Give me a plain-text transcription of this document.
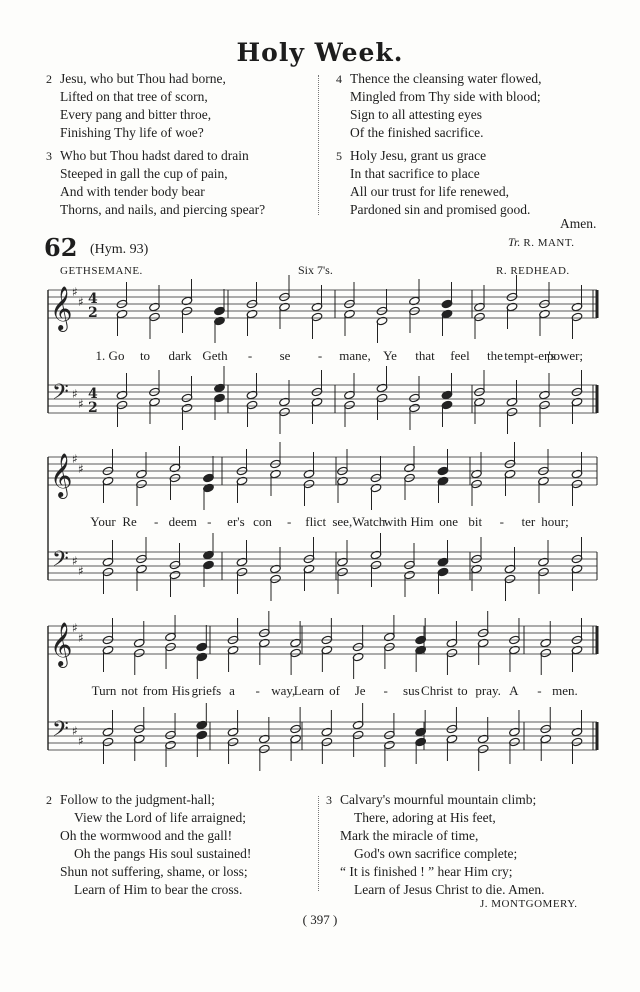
Holy Week.
2 Jesu, who but Thou had borne,
Lifted on that tree of scorn,
Every pang and bitter throe,
Finishing Thy life of woe?
3 Who but Thou hadst dared to drain
Steeped in gall the cup of pain,
And with tender body bear
Thorns, and nails, and piercing spear?
4 Thence the cleansing water flowed,
Mingled from Thy side with blood;
Sign to all attesting eyes
Of the finished sacrifice.
5 Holy Jesu, grant us grace
In that sacrifice to place
All our trust for life renewed,
Pardoned sin and promised good.
Amen.
Tr. R. MANT.
62 (Hym. 93)
GETHSEMANE.	Six 7's.	R. REDHEAD.
𝄞
𝄢
♯
♯
♯
♯
4
2
4
2
𝄞
𝄢
♯
♯
♯
♯
𝄞
𝄢
♯
♯
♯
♯
1. Go to dark Geth - se - mane, Ye that feel the tempt-er's
power;
Your Re - deem - er's con - flict see, Watch
with Him one bit - ter hour;
Turn not from His griefs a - way,
Learn of Je - sus Christ to pray. A - men.
2 Follow to the judgment-hall;
View the Lord of life arraigned;
Oh the wormwood and the gall!
Oh the pangs His soul sustained!
Shun not suffering, shame, or loss;
Learn of Him to bear the cross.
3 Calvary's mournful mountain climb;
There, adoring at His feet,
Mark the miracle of time,
God's own sacrifice complete;
“ It is finished ! ” hear Him cry;
Learn of Jesus Christ to die. Amen.
J. MONTGOMERY.
( 397 )
